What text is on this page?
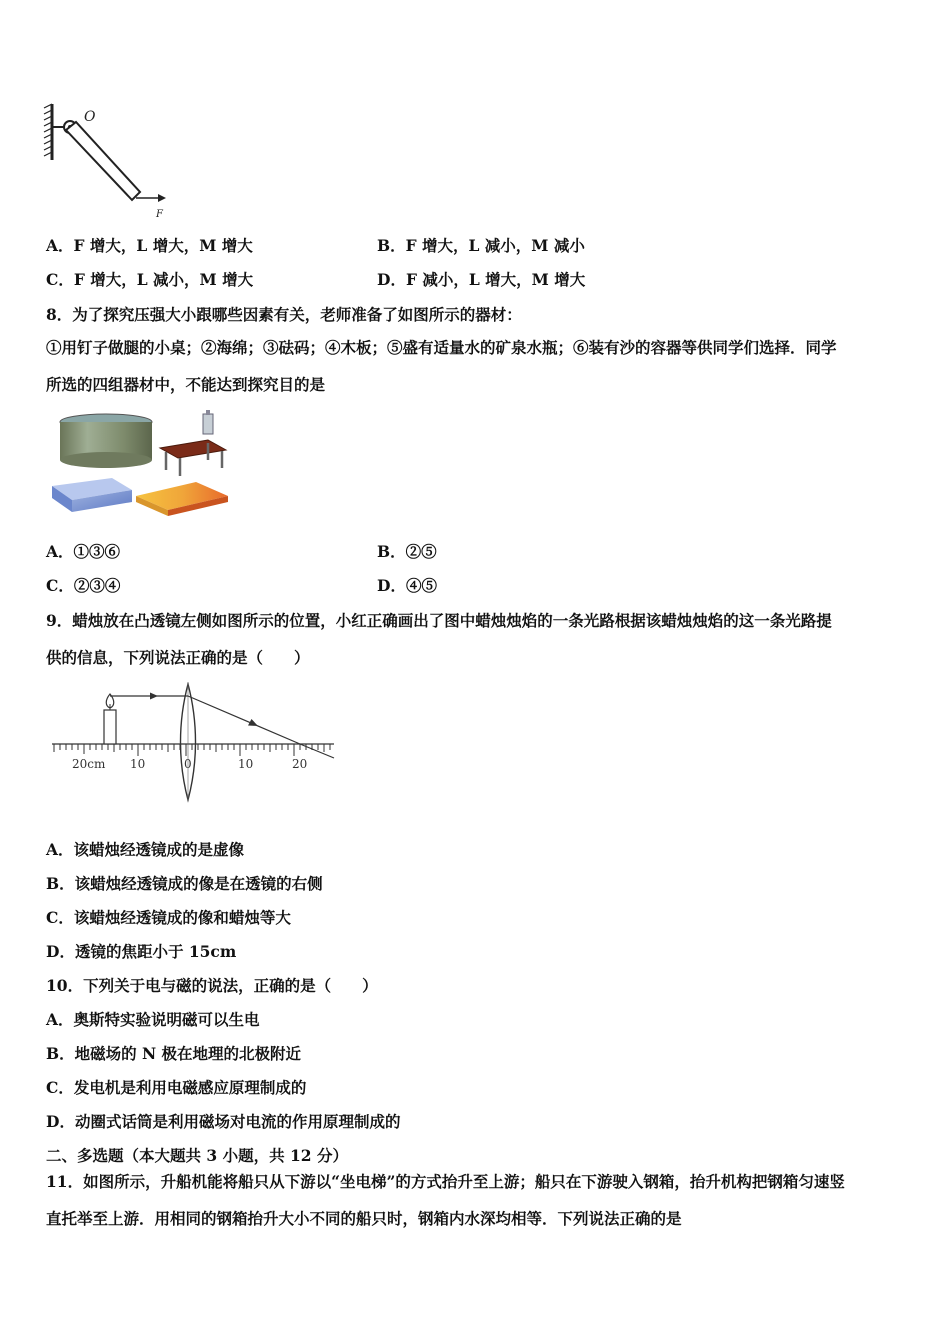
O
F
A．F 增大，L 增大，M 增大	B．F 增大，L 减小，M 减小
C．F 增大，L 减小，M 增大	D．F 减小，L 增大，M 增大
8．为了探究压强大小跟哪些因素有关，老师准备了如图所示的器材：
①用钉子做腿的小桌；②海绵；③砝码；④木板；⑤盛有适量水的矿泉水瓶；⑥装有沙的容器等供同学们选择．同学
所选的四组器材中，不能达到探究目的是
A．①③⑥	B．②⑤
C．②③④	D．④⑤
9．蜡烛放在凸透镜左侧如图所示的位置，小红正确画出了图中蜡烛烛焰的一条光路根据该蜡烛烛焰的这一条光路提
供的信息，下列说法正确的是（　　）
20cm 10	0	10	20
A．该蜡烛经透镜成的是虚像
B．该蜡烛经透镜成的像是在透镜的右侧
C．该蜡烛经透镜成的像和蜡烛等大
D．透镜的焦距小于 15cm
10．下列关于电与磁的说法，正确的是（　　）
A．奥斯特实验说明磁可以生电
B．地磁场的 N 极在地理的北极附近
C．发电机是利用电磁感应原理制成的
D．动圈式话筒是利用磁场对电流的作用原理制成的
二、多选题（本大题共 3 小题，共 12 分）
11．如图所示，升船机能将船只从下游以“坐电梯”的方式抬升至上游；船只在下游驶入钢箱，抬升机构把钢箱匀速竖
直托举至上游．用相同的钢箱抬升大小不同的船只时，钢箱内水深均相等．下列说法正确的是
